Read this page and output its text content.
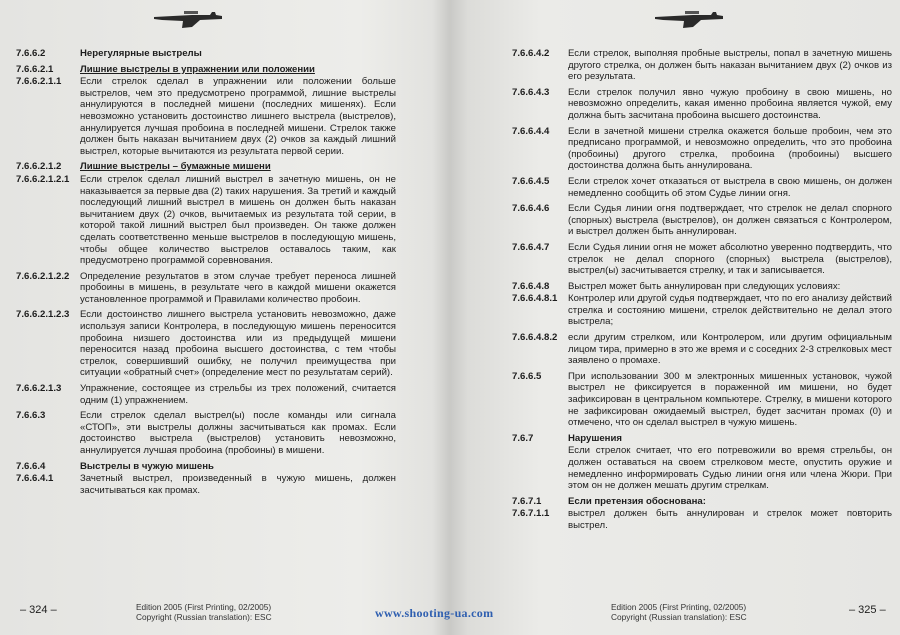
7.6.6.2	Нерегулярные выстрелы
7.6.6.2.1	Лишние выстрелы в упражнении или положении
7.6.6.2.1.1	Если стрелок сделал в упражнении или положении больше выстрелов, чем это предусмотрено программой, лишние выстрелы аннулируются в последней мишени (последних мишенях). Если невозможно установить достоинство лишнего выстрела (выстрелов), аннулируется лучшая пробоина в последней мишени. Стрелок также должен быть наказан вычитанием двух (2) очков за каждый лишний выстрел, которые вычитаются из результата первой серии.
7.6.6.2.1.2	Лишние выстрелы – бумажные мишени
7.6.6.2.1.2.1	Если стрелок сделал лишний выстрел в зачетную мишень, он не наказывается за первые два (2) таких нарушения. За третий и каждый последующий лишний выстрел в мишень он должен быть наказан вычитанием двух (2) очков, вычитаемых из результата той серии, в которой такой лишний выстрел был произведен. Он также должен сделать соответственно меньше выстрелов в последующую мишень, чтобы общее количество выстрелов оставалось таким, как предусмотрено программой соревнования.
7.6.6.2.1.2.2	Определение результатов в этом случае требует переноса лишней пробоины в мишень, в результате чего в каждой мишени окажется установленное программой и Правилами количество пробоин.
7.6.6.2.1.2.3	Если достоинство лишнего выстрела установить невозможно, даже используя записи Контролера, в последующую мишень переносится пробоина низшего достоинства или из предыдущей мишени переносится назад пробоина высшего достоинства, с тем чтобы стрелок, совершивший ошибку, не получил преимущества при ситуации «обратный счет» (определение мест по результатам серий).
7.6.6.2.1.3	Упражнение, состоящее из стрельбы из трех положений, считается одним (1) упражнением.
7.6.6.3	Если стрелок сделал выстрел(ы) после команды или сигнала «СТОП», эти выстрелы должны засчитываться как промах. Если достоинство выстрела (выстрелов) установить невозможно, аннулируется лучшая пробоина (пробоины) в мишени.
7.6.6.4	Выстрелы в чужую мишень
7.6.6.4.1	Зачетный выстрел, произведенный в чужую мишень, должен засчитываться как промах.
– 324 –	Edition 2005 (First Printing, 02/2005)
Copyright (Russian translation): ESC
7.6.6.4.2	Если стрелок, выполняя пробные выстрелы, попал в зачетную мишень другого стрелка, он должен быть наказан вычитанием двух (2) очков из его результата.
7.6.6.4.3	Если стрелок получил явно чужую пробоину в свою мишень, но невозможно определить, какая именно пробоина является чужой, ему должна быть засчитана пробоина высшего достоинства.
7.6.6.4.4	Если в зачетной мишени стрелка окажется больше пробоин, чем это предписано программой, и невозможно определить, что это пробоина (пробоины) другого стрелка, пробоина (пробоины) высшего достоинства должна быть аннулирована.
7.6.6.4.5	Если стрелок хочет отказаться от выстрела в свою мишень, он должен немедленно сообщить об этом Судье линии огня.
7.6.6.4.6	Если Судья линии огня подтверждает, что стрелок не делал спорного (спорных) выстрела (выстрелов), он должен связаться с Контролером, и выстрел должен быть аннулирован.
7.6.6.4.7	Если Судья линии огня не может абсолютно уверенно подтвердить, что стрелок не делал спорного (спорных) выстрела (выстрелов), выстрел(ы) засчитывается стрелку, и так и записывается.
7.6.6.4.8	Выстрел может быть аннулирован при следующих условиях:
7.6.6.4.8.1	Контролер или другой судья подтверждает, что по его анализу действий стрелка и состоянию мишени, стрелок действительно не делал этого выстрела;
7.6.6.4.8.2	если другим стрелком, или Контролером, или другим официальным лицом тира, примерно в это же время и с соседних 2-3 стрелковых мест заявлено о промахе.
7.6.6.5	При использовании 300 м электронных мишенных установок, чужой выстрел не фиксируется в пораженной им мишени, но будет зафиксирован в центральном компьютере. Стрелку, в мишени которого не зафиксирован ожидаемый выстрел, будет засчитан промах (0) и отмечено, что он сделал выстрел в чужую мишень.
7.6.7	Нарушения
Если стрелок считает, что его потревожили во время стрельбы, он должен оставаться на своем стрелковом месте, опустить оружие и немедленно информировать Судью линии огня или члена Жюри. При этом он не должен мешать другим стрелкам.
7.6.7.1	Если претензия обоснована:
7.6.7.1.1	выстрел должен быть аннулирован и стрелок может повторить выстрел.
Edition 2005 (First Printing, 02/2005)
Copyright (Russian translation): ESC
– 325 –
www.shooting-ua.com
